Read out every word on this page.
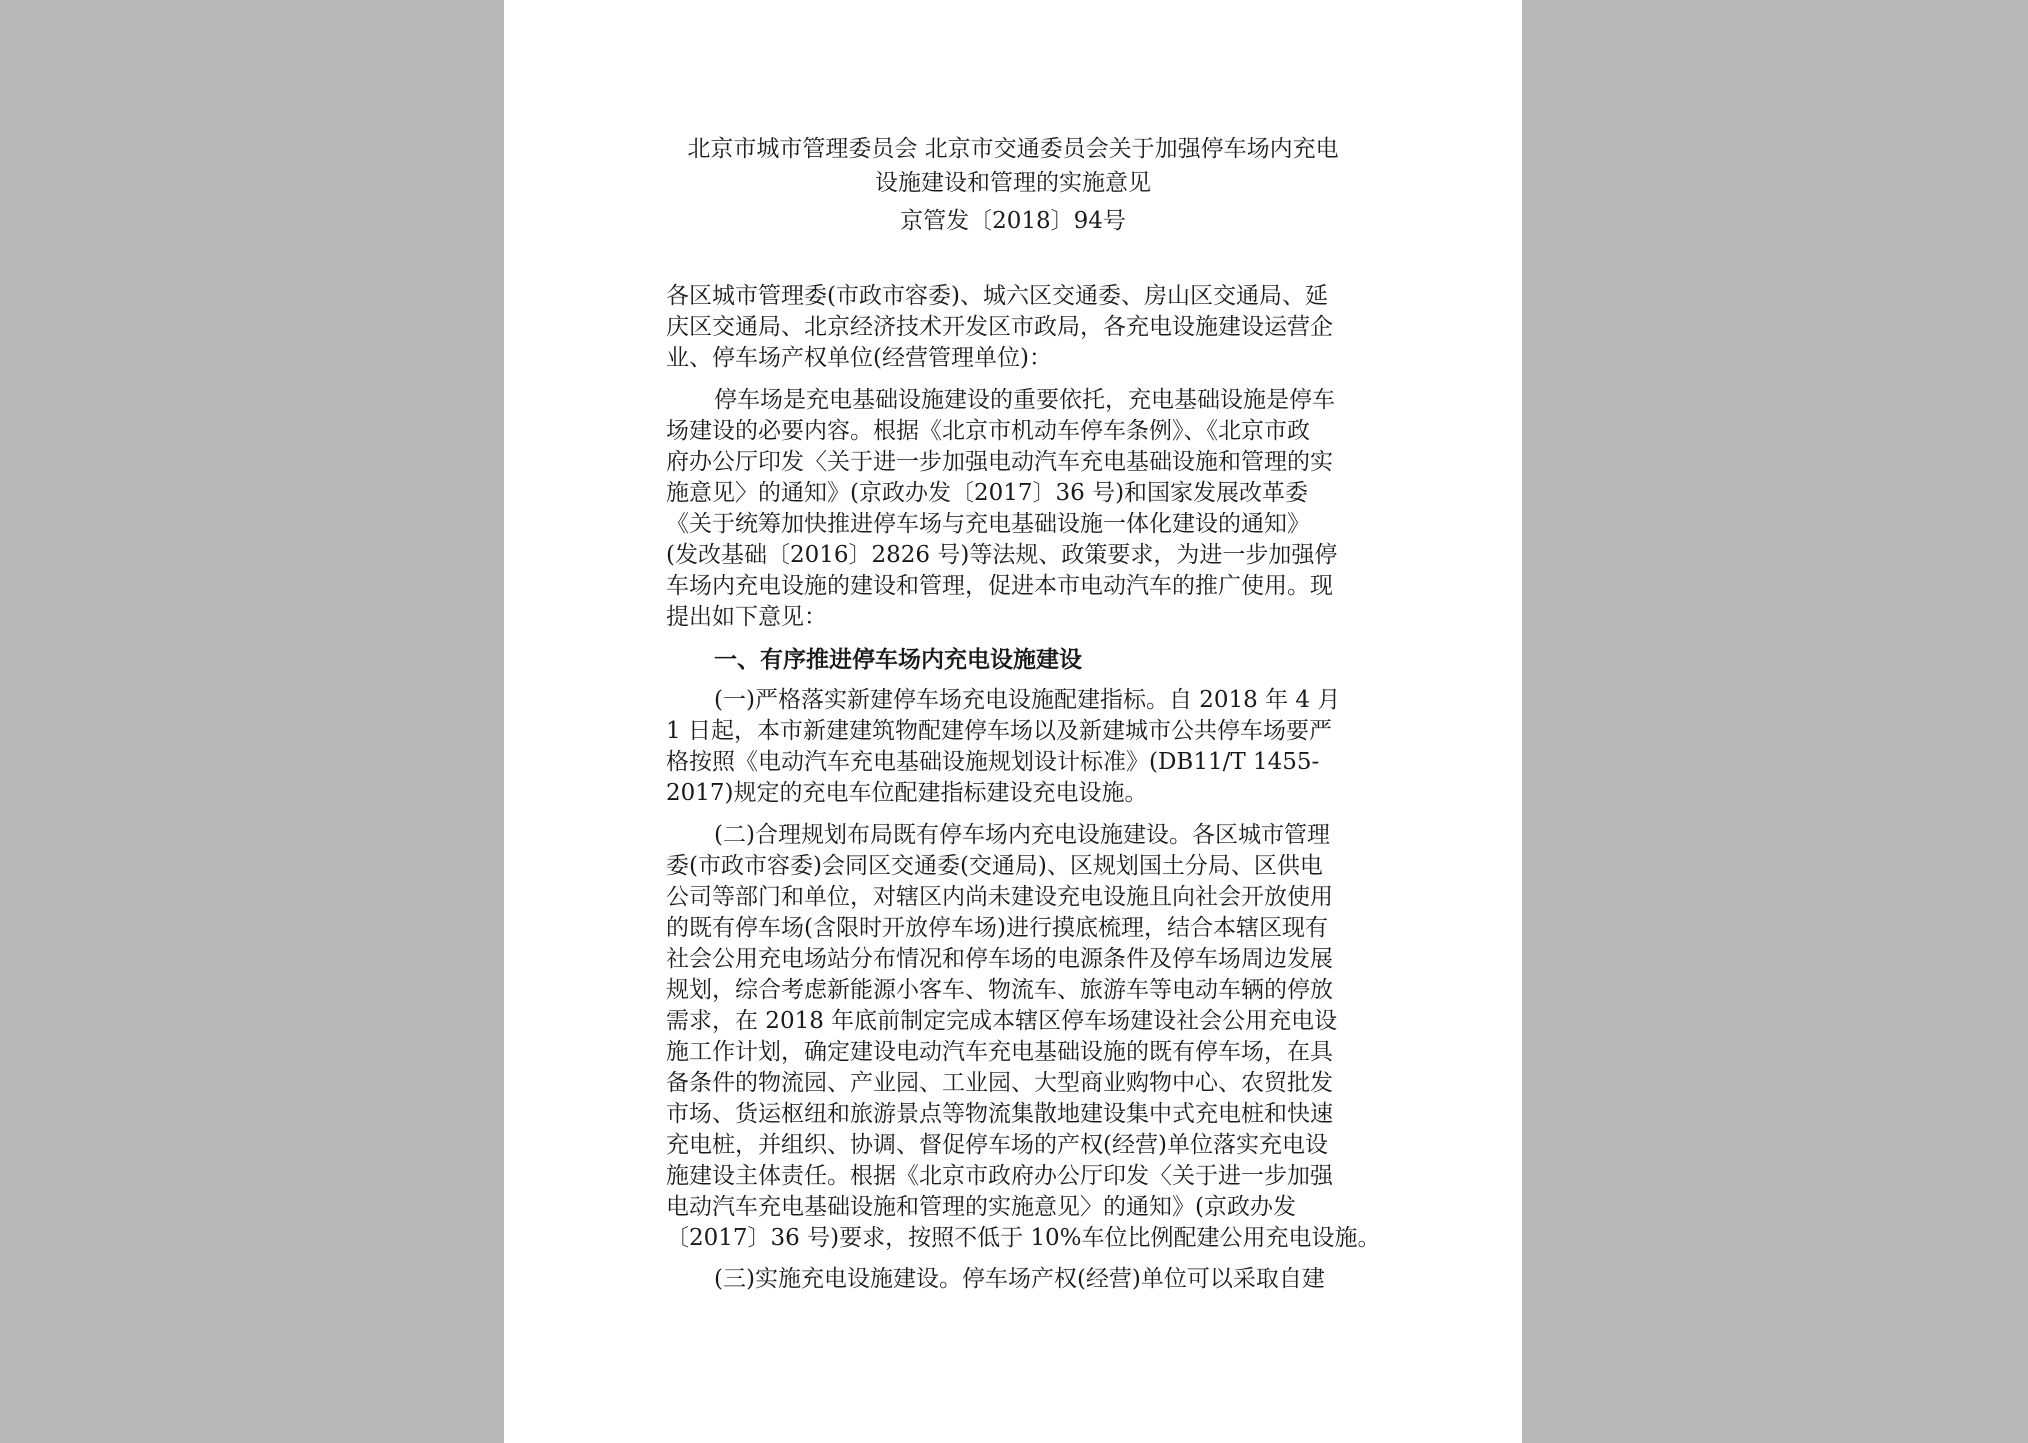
北京市城市管理委员会 北京市交通委员会关于加强停车场内充电
设施建设和管理的实施意见
京管发〔2018〕94号
各区城市管理委(市政市容委)、城六区交通委、房山区交通局、延
庆区交通局、北京经济技术开发区市政局，各充电设施建设运营企
业、停车场产权单位(经营管理单位)：
停车场是充电基础设施建设的重要依托，充电基础设施是停车
场建设的必要内容。根据《北京市机动车停车条例》、《北京市政
府办公厅印发〈关于进一步加强电动汽车充电基础设施和管理的实
施意见〉的通知》(京政办发〔2017〕36 号)和国家发展改革委
《关于统筹加快推进停车场与充电基础设施一体化建设的通知》
(发改基础〔2016〕2826 号)等法规、政策要求，为进一步加强停
车场内充电设施的建设和管理，促进本市电动汽车的推广使用。现
提出如下意见：
一、有序推进停车场内充电设施建设
(一)严格落实新建停车场充电设施配建指标。自 2018 年 4 月
1 日起，本市新建建筑物配建停车场以及新建城市公共停车场要严
格按照《电动汽车充电基础设施规划设计标准》(DB11/T 1455-
2017)规定的充电车位配建指标建设充电设施。
(二)合理规划布局既有停车场内充电设施建设。各区城市管理
委(市政市容委)会同区交通委(交通局)、区规划国土分局、区供电
公司等部门和单位，对辖区内尚未建设充电设施且向社会开放使用
的既有停车场(含限时开放停车场)进行摸底梳理，结合本辖区现有
社会公用充电场站分布情况和停车场的电源条件及停车场周边发展
规划，综合考虑新能源小客车、物流车、旅游车等电动车辆的停放
需求，在 2018 年底前制定完成本辖区停车场建设社会公用充电设
施工作计划，确定建设电动汽车充电基础设施的既有停车场，在具
备条件的物流园、产业园、工业园、大型商业购物中心、农贸批发
市场、货运枢纽和旅游景点等物流集散地建设集中式充电桩和快速
充电桩，并组织、协调、督促停车场的产权(经营)单位落实充电设
施建设主体责任。根据《北京市政府办公厅印发〈关于进一步加强
电动汽车充电基础设施和管理的实施意见〉的通知》(京政办发
〔2017〕36 号)要求，按照不低于 10%车位比例配建公用充电设施。
(三)实施充电设施建设。停车场产权(经营)单位可以采取自建
